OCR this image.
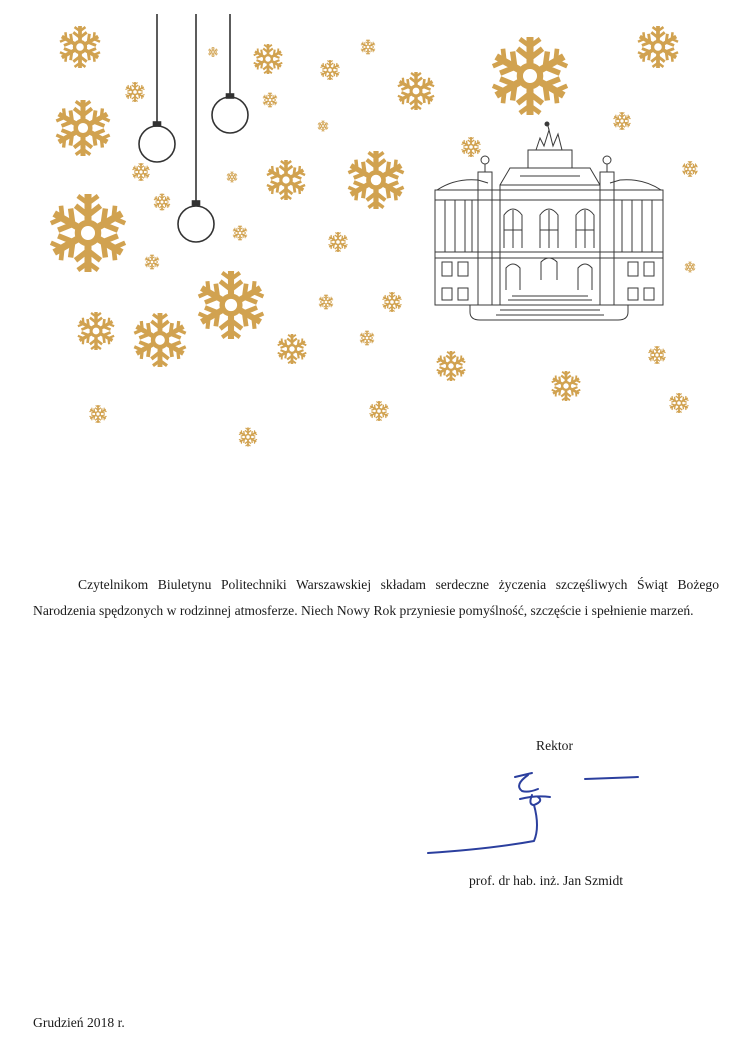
Czytelnikom Biuletynu Politechniki Warszawskiej składam serdeczne życzenia szczęśliwych Świąt Bożego Narodzenia spędzonych w rodzinnej atmosferze. Niech Nowy Rok przyniesie pomyślność, szczęście i spełnienie marzeń.

Rektor
prof. dr hab. inż. Jan Szmidt
Grudzień 2018 r.
